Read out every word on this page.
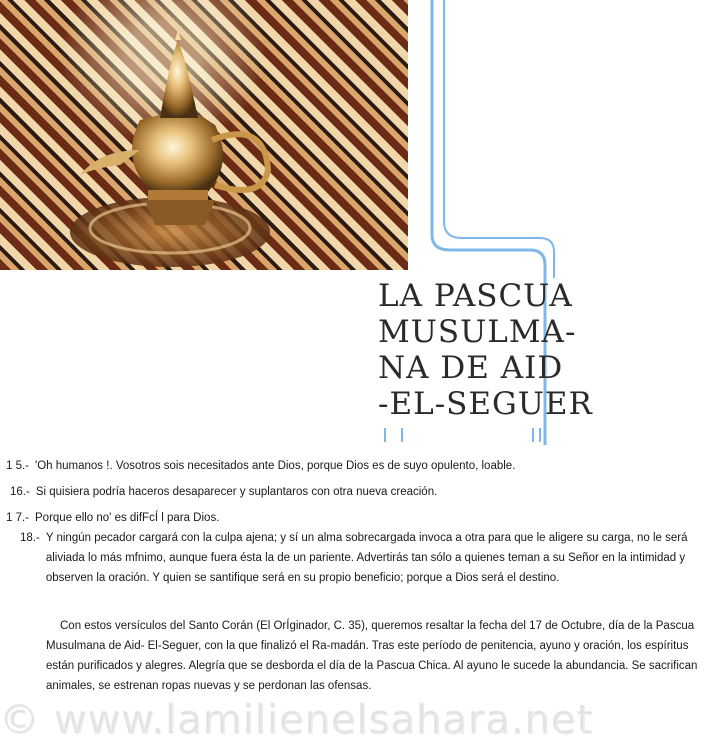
LA PASCUA
MUSULMA-
NA DE AID
-EL-SEGUER
1 5.- 'Oh humanos !. Vosotros sois necesitados ante Dios, porque Dios es de suyo opulento, loable.
16.- Si quisiera podría haceros desaparecer y suplantaros con otra nueva creación.
1 7.- Porque ello no' es difFcÍ l para Dios.
18.- Y ningún pecador cargará con la culpa ajena; y sí un alma sobrecargada invoca a otra para que le aligere su carga, no le será aliviada lo más mfnimo, aunque fuera ésta la de un pariente. Advertirás tan sólo a quienes teman a su Señor en la intimidad y observen la oración. Y quien se santifique será en su propio beneficio; porque a Dios será el destino.

Con estos versículos del Santo Corán (El OrÍginador, C. 35), queremos resaltar la fecha del 17 de Octubre, día de la Pascua Musulmana de Aid- El-Seguer, con la que finalizó el Ra-madán. Tras este período de penitencia, ayuno y oración, los espíritus están purificados y alegres. Alegría que se desborda el día de la Pascua Chica. Al ayuno le sucede la abundancia. Se sacrifican animales, se estrenan ropas nuevas y se perdonan las ofensas.

© www.lamilienelsahara.net
